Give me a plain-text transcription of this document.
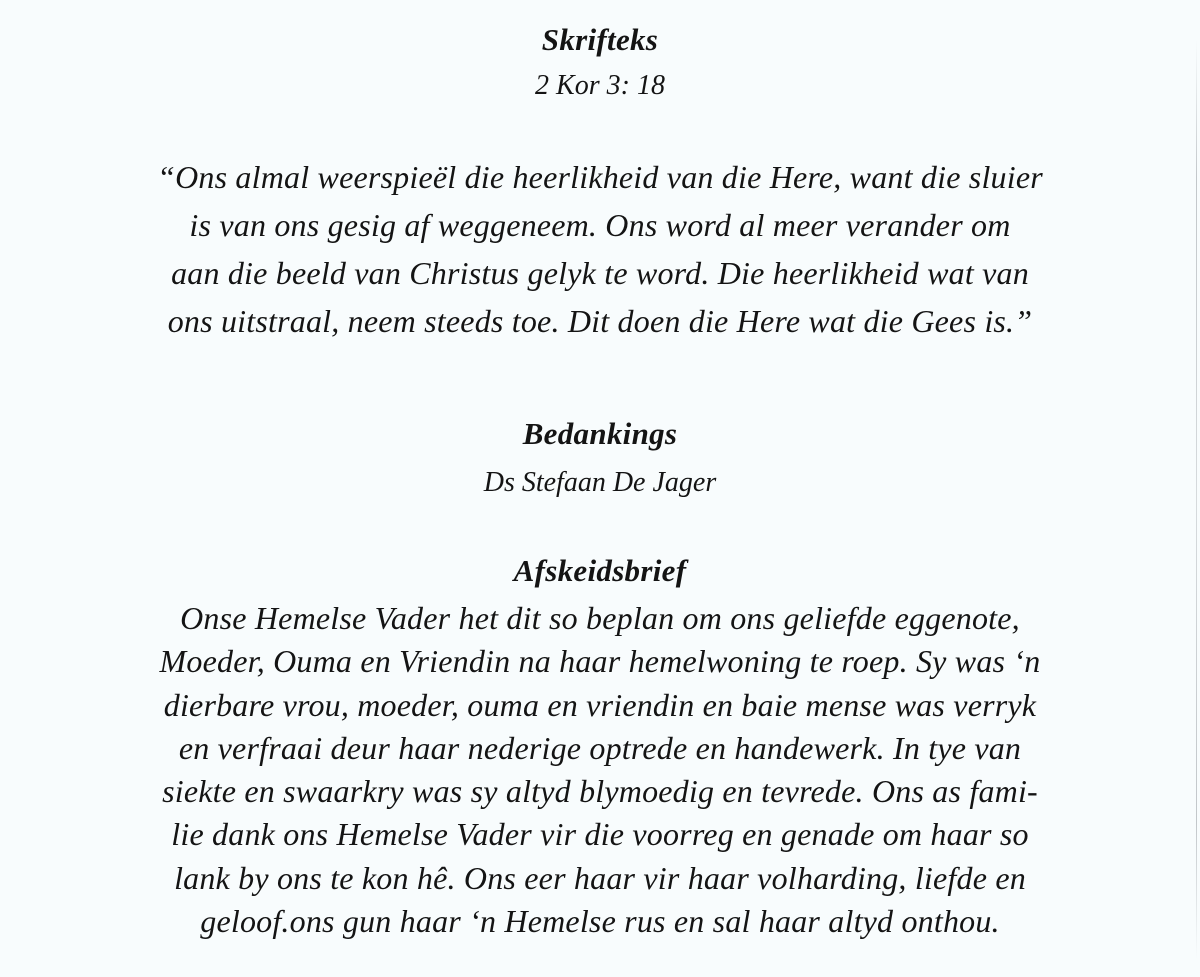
Skrifteks
2 Kor 3: 18
“Ons almal weerspieël die heerlikheid van die Here, want die sluier
is van ons gesig af weggeneem. Ons word al meer verander om
aan die beeld van Christus gelyk te word. Die heerlikheid wat van
ons uitstraal, neem steeds toe. Dit doen die Here wat die Gees is.”
Bedankings
Ds Stefaan De Jager
Afskeidsbrief
Onse Hemelse Vader het dit so beplan om ons geliefde eggenote,
Moeder, Ouma en Vriendin na haar hemelwoning te roep. Sy was ‘n
dierbare vrou, moeder, ouma en vriendin en baie mense was verryk
en verfraai deur haar nederige optrede en handewerk. In tye van
siekte en swaarkry was sy altyd blymoedig en tevrede. Ons as fami-
lie dank ons Hemelse Vader vir die voorreg en genade om haar so
lank by ons te kon hê. Ons eer haar vir haar volharding, liefde en
geloof.ons gun haar ‘n Hemelse rus en sal haar altyd onthou.
